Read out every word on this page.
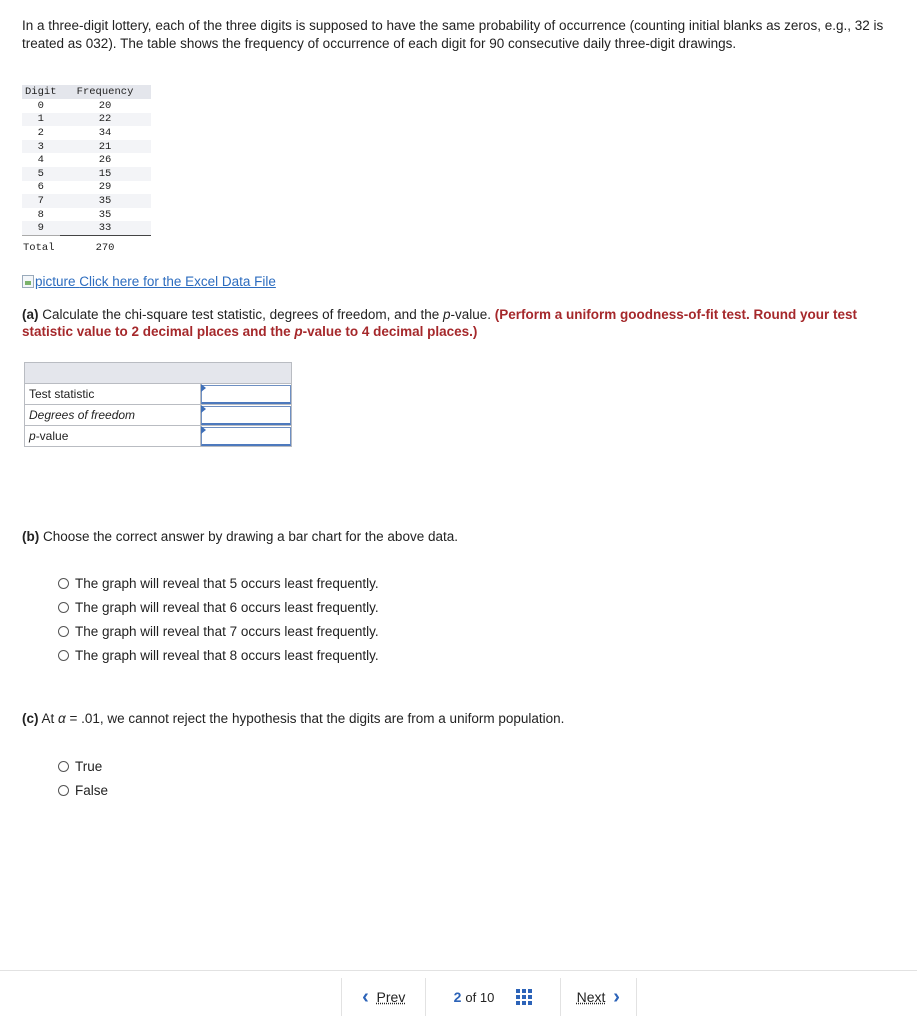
In a three-digit lottery, each of the three digits is supposed to have the same probability of occurrence (counting initial blanks as zeros, e.g., 32 is treated as 032). The table shows the frequency of occurrence of each digit for 90 consecutive daily three-digit drawings.
Digit	Frequency
0	20
1	22
2	34
3	21
4	26
5	15
6	29
7	35
8	35
9	33
Total	270
picture
Click here for the Excel Data File
(a) Calculate the chi-square test statistic, degrees of freedom, and the p-value. (Perform a uniform goodness-of-fit test. Round your test statistic value to 2 decimal places and the p-value to 4 decimal places.)

Test statistic	
Degrees of freedom	
p-value	
(b) Choose the correct answer by drawing a bar chart for the above data.
The graph will reveal that 5 occurs least frequently.
The graph will reveal that 6 occurs least frequently.
The graph will reveal that 7 occurs least frequently.
The graph will reveal that 8 occurs least frequently.
(c) At α = .01, we cannot reject the hypothesis that the digits are from a uniform population.
True
False
‹
Prev	2 of 10	Next
›
